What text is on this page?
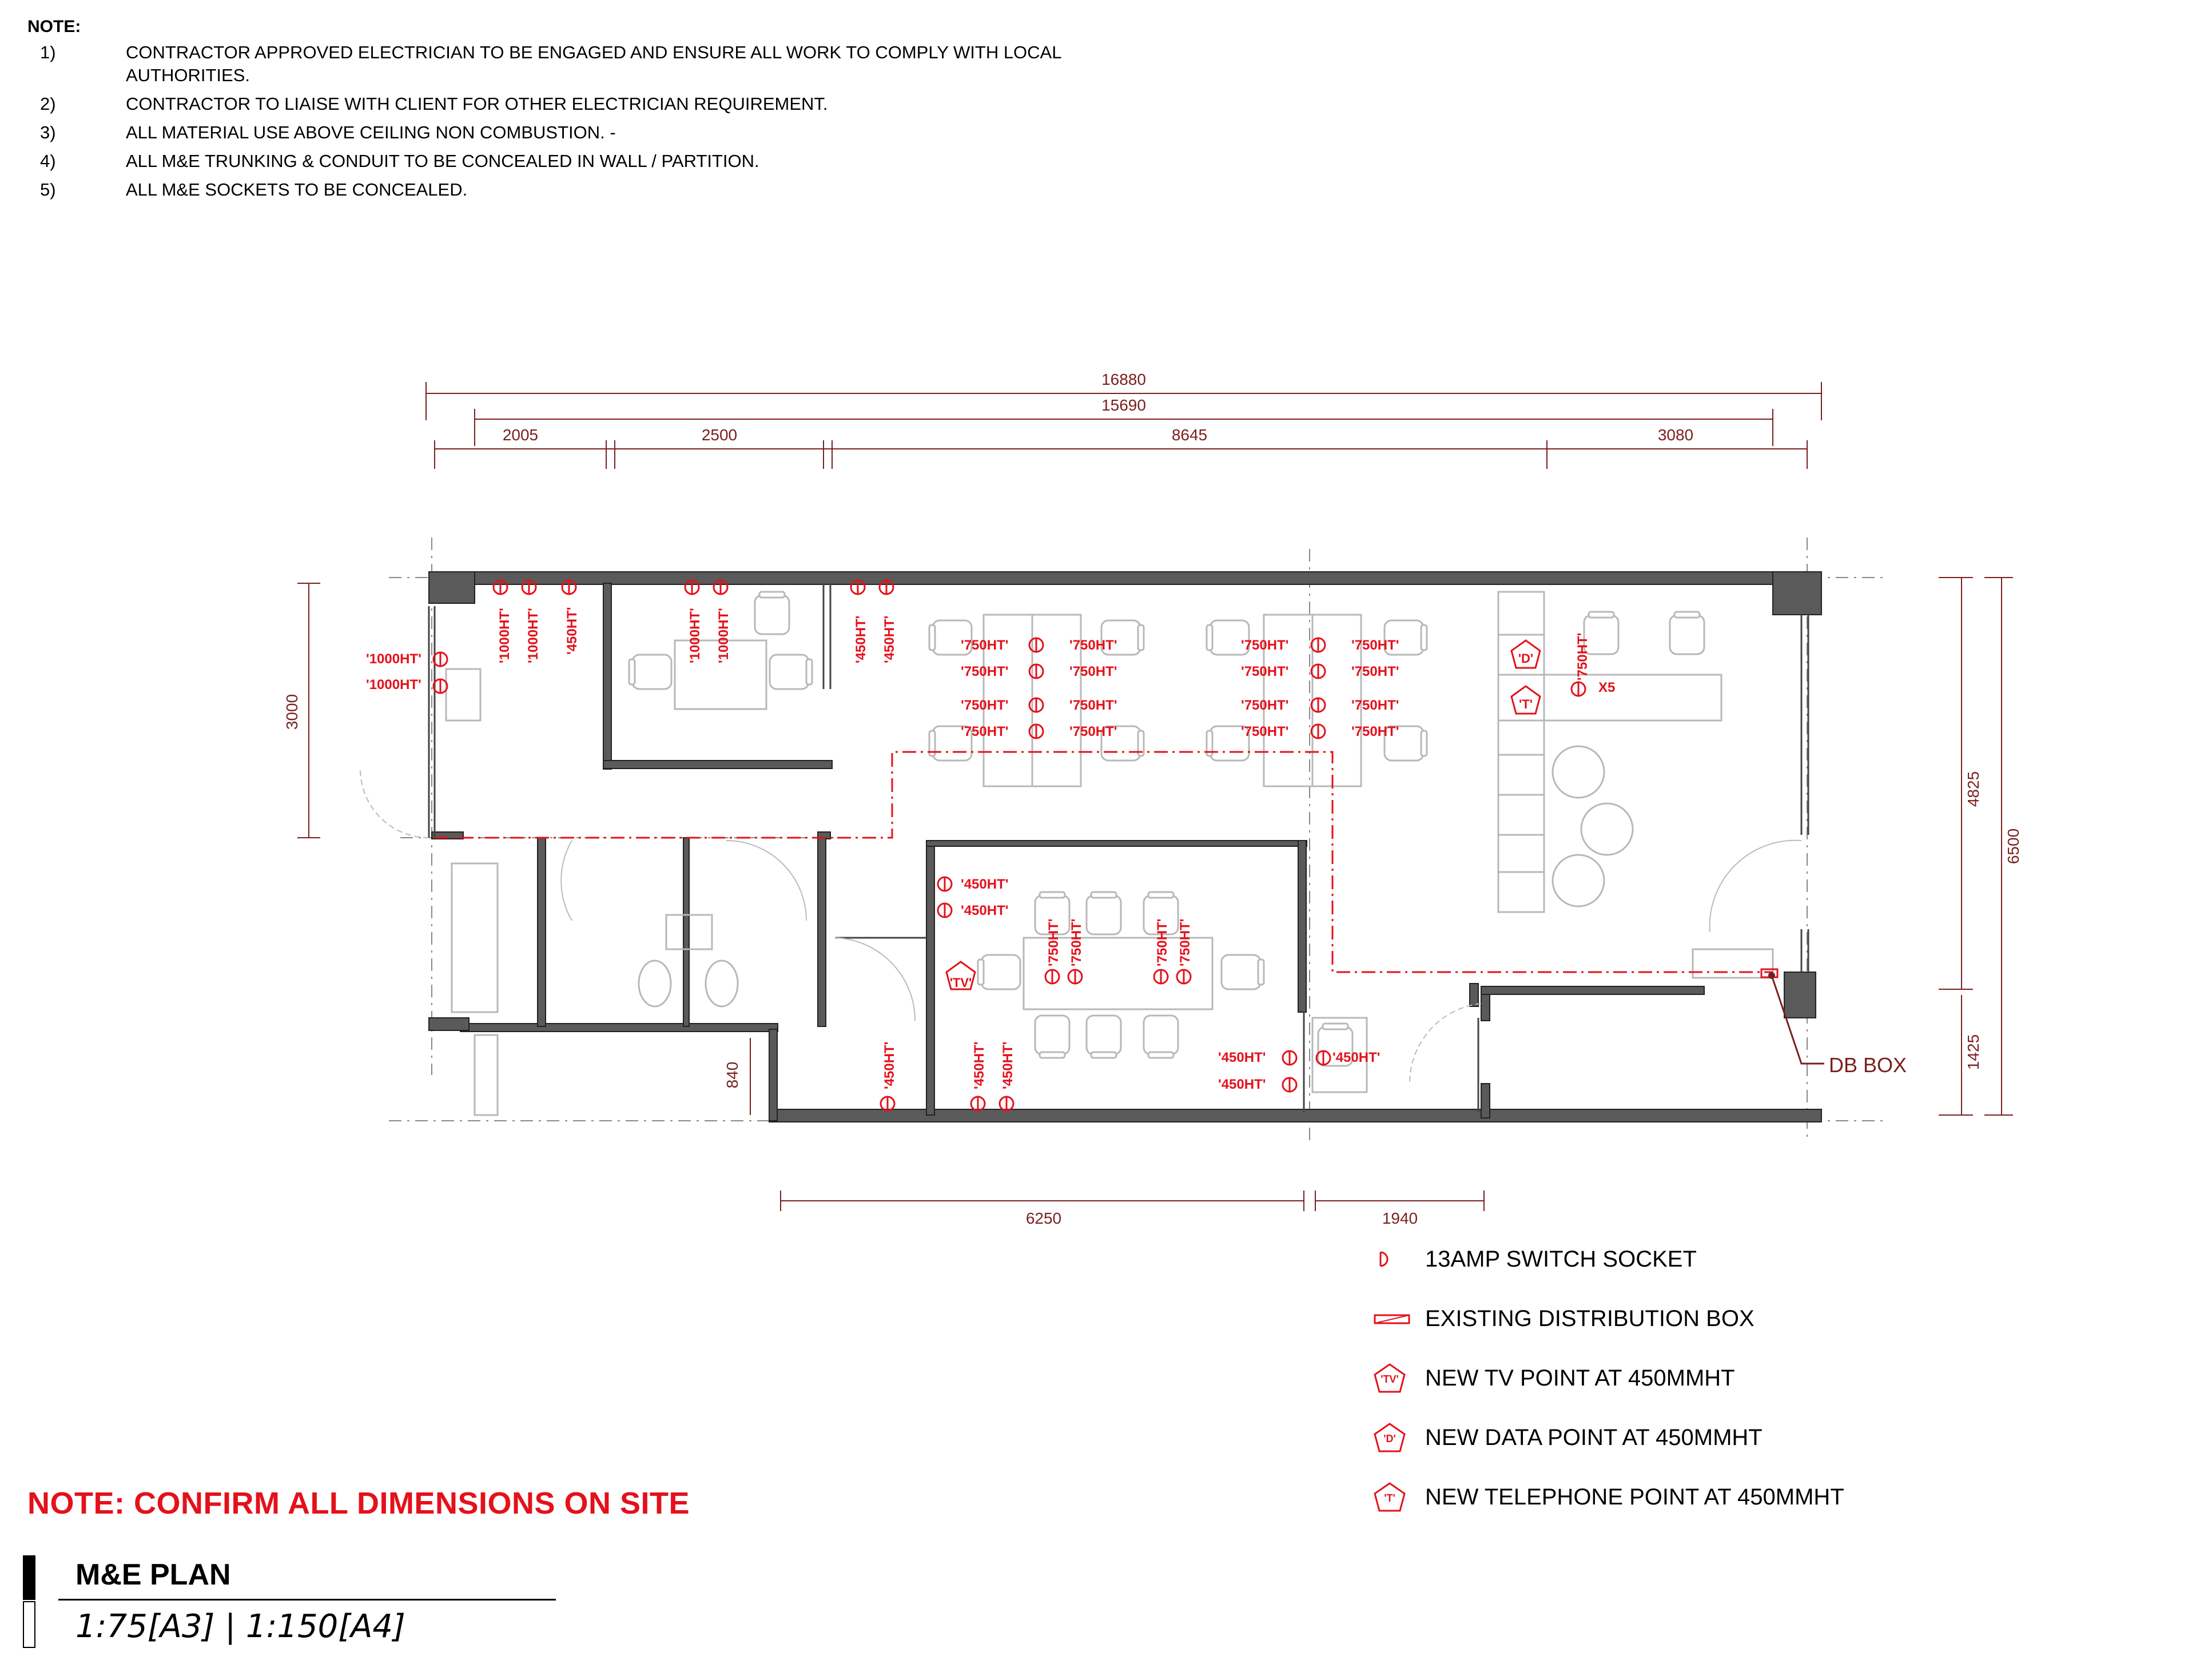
NOTE:
1)	CONTRACTOR APPROVED ELECTRICIAN TO BE ENGAGED AND ENSURE ALL WORK TO COMPLY WITH LOCAL
AUTHORITIES.
2)	CONTRACTOR TO LIAISE WITH CLIENT FOR OTHER ELECTRICIAN REQUIREMENT.
3)	ALL MATERIAL USE ABOVE CEILING NON COMBUSTION. -
4)	ALL M&E TRUNKING & CONDUIT TO BE CONCEALED IN WALL / PARTITION.
5)	ALL M&E SOCKETS TO BE CONCEALED.
16880
15690
2005	2500	8645	3080
3000
4825
6500
1425
840
6250	1940
'1000HT'
'1000HT'
'1000HT' '1000HT' '450HT'	'1000HT' '1000HT'	'450HT' '450HT'	'750HT'
'750HT'
'750HT'
'750HT'
'750HT'
'750HT'
'750HT'
'750HT'
'750HT'
'750HT'
'750HT'
'750HT'
'750HT'
'750HT'
'750HT'
'750HT'
'450HT'
'450HT'
'750HT' '750HT'	'750HT' '750HT'
'450HT'	'450HT' '450HT'	'450HT'
'450HT'
'450HT'
'750HT'
X5
'TV'
'D'
'T'
DB BOX
13AMP SWITCH SOCKET
EXISTING DISTRIBUTION BOX
'TV' NEW TV POINT AT 450MMHT
'D' NEW DATA POINT AT 450MMHT
'T' NEW TELEPHONE POINT AT 450MMHT
NOTE: CONFIRM ALL DIMENSIONS ON SITE
M&E PLAN
1:75[A3] | 1:150[A4]
